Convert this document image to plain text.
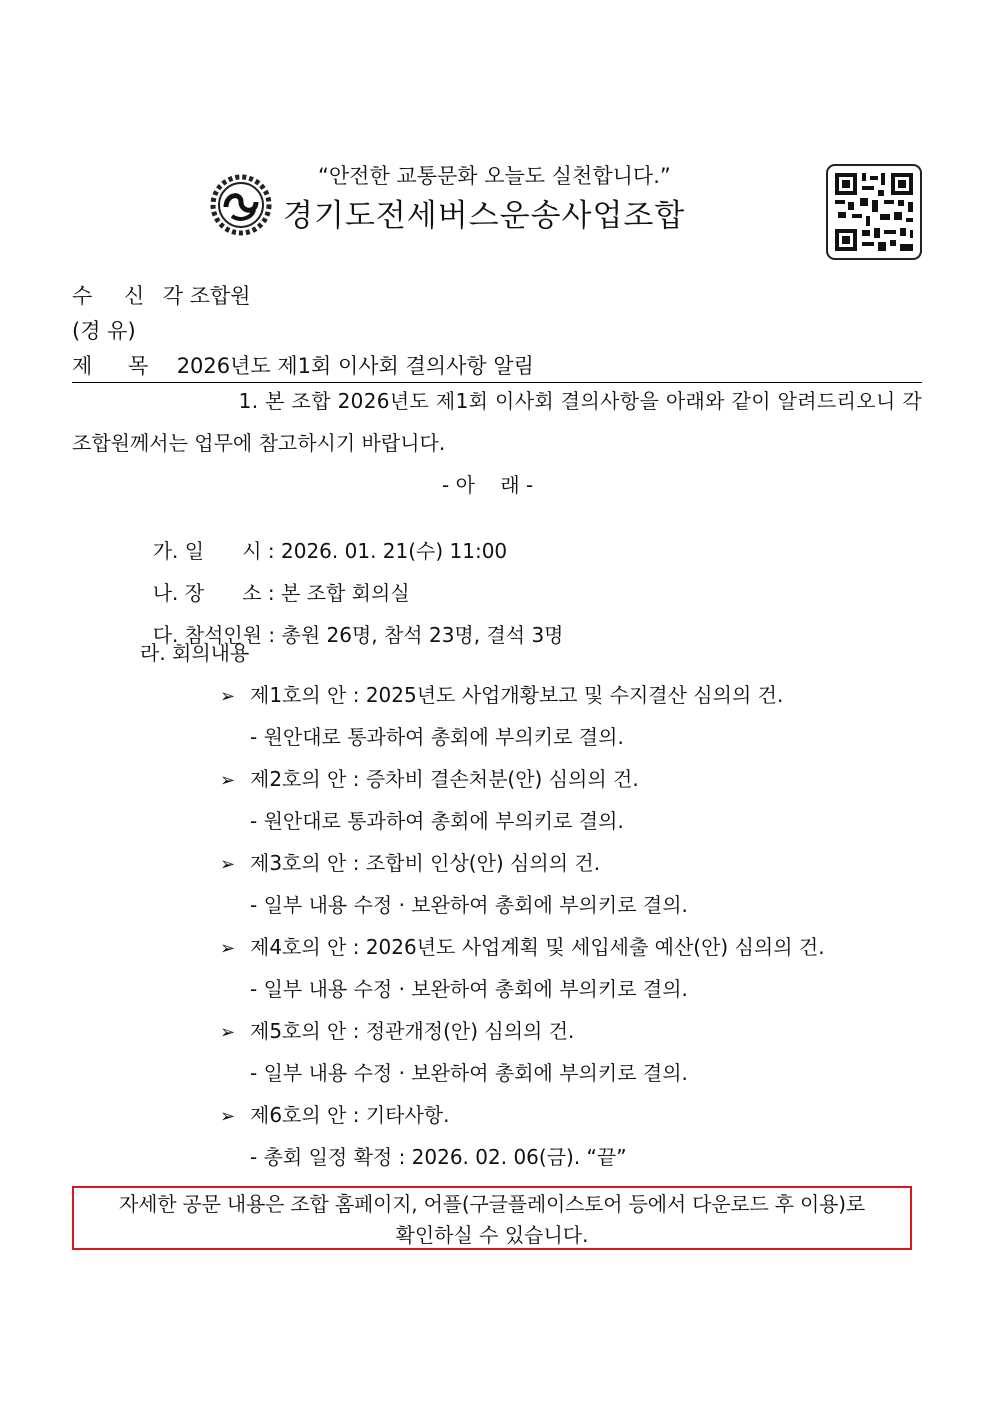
“안전한 교통문화 오늘도 실천합니다.”
경기도전세버스운송사업조합
수 신 각 조합원
(경 유)
제 목 2026년도 제1회 이사회 결의사항 알림
1. 본 조합 2026년도 제1회 이사회 결의사항을 아래와 같이 알려드리오니 각
조합원께서는 업무에 참고하시기 바랍니다.
- 아    래 -

가. 일      시 : 2026. 01. 21(수) 11:00

나. 장      소 : 본 조합 회의실

다. 참석인원 : 총원 26명, 참석 23명, 결석 3명

라. 회의내용
➢ 제1호의 안 : 2025년도 사업개황보고 및 수지결산 심의의 건.
- 원안대로 통과하여 총회에 부의키로 결의.
➢ 제2호의 안 : 증차비 결손처분(안) 심의의 건.
- 원안대로 통과하여 총회에 부의키로 결의.
➢ 제3호의 안 : 조합비 인상(안) 심의의 건.
- 일부 내용 수정 · 보완하여 총회에 부의키로 결의.
➢ 제4호의 안 : 2026년도 사업계획 및 세입세출 예산(안) 심의의 건.
- 일부 내용 수정 · 보완하여 총회에 부의키로 결의.
➢ 제5호의 안 : 정관개정(안) 심의의 건.
- 일부 내용 수정 · 보완하여 총회에 부의키로 결의.
➢ 제6호의 안 : 기타사항.
- 총회 일정 확정 : 2026. 02. 06(금). “끝”
자세한 공문 내용은 조합 홈페이지, 어플(구글플레이스토어 등에서 다운로드 후 이용)로
확인하실 수 있습니다.
